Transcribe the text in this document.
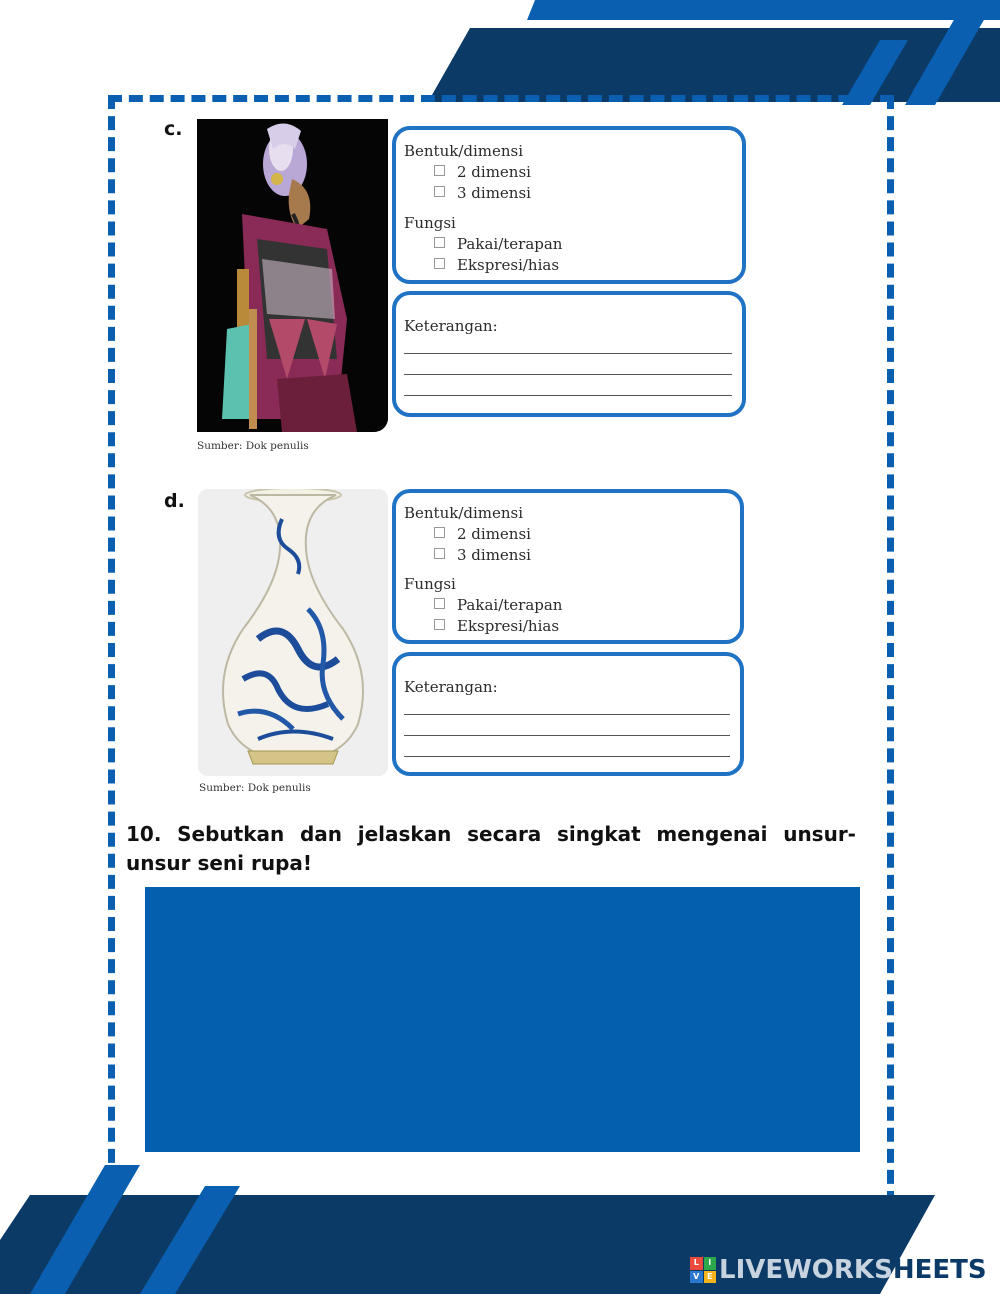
c.
Sumber: Dok penulis
Bentuk/dimensi
2 dimensi
3 dimensi
Fungsi
Pakai/terapan
Ekspresi/hias
Keterangan:
d.
Sumber: Dok penulis
Bentuk/dimensi
2 dimensi
3 dimensi
Fungsi
Pakai/terapan
Ekspresi/hias
Keterangan:
10. Sebutkan dan jelaskan secara singkat mengenai unsur-unsur seni rupa!
L	I
V E LIVEWORKS HEETS
